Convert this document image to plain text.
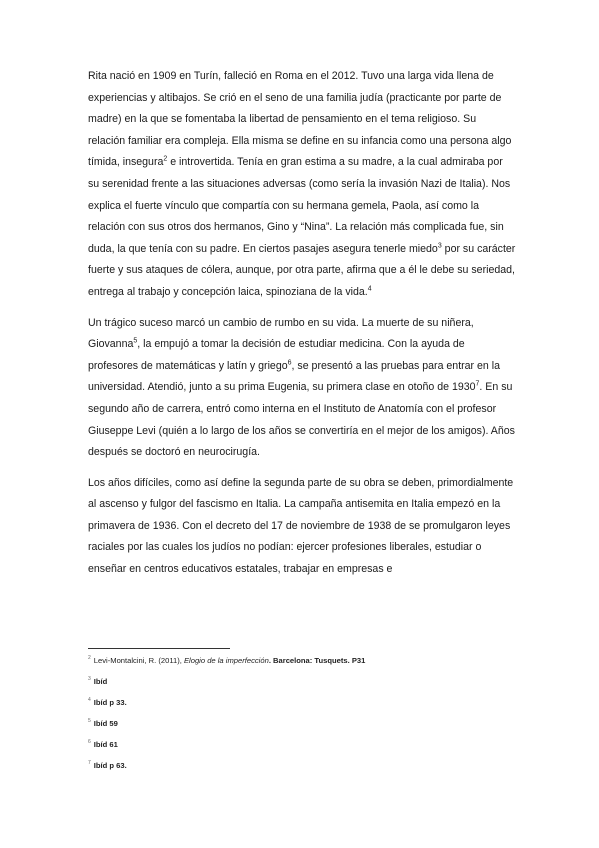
Rita nació en 1909 en Turín, falleció en Roma en el 2012. Tuvo una larga vida llena de experiencias y altibajos. Se crió en el seno de una familia judía (practicante por parte de madre) en la que se fomentaba la libertad de pensamiento en el tema religioso. Su relación familiar era compleja. Ella misma se define en su infancia como una persona algo tímida, insegura$^2$ e introvertida. Tenía en gran estima a su madre, a la cual admiraba por su serenidad frente a las situaciones adversas (como sería la invasión Nazi de Italia). Nos explica el fuerte vínculo que compartía con su hermana gemela, Paola, así como la relación con sus otros dos hermanos, Gino y “Nina”. La relación más complicada fue, sin duda, la que tenía con su padre. En ciertos pasajes asegura tenerle miedo$^3$ por su carácter fuerte y sus ataques de cólera, aunque, por otra parte, afirma que a él le debe su seriedad, entrega al trabajo y concepción laica, spinoziana de la vida.$^4$

Un trágico suceso marcó un cambio de rumbo en su vida. La muerte de su niñera, Giovanna$^5$, la empujó a tomar la decisión de estudiar medicina. Con la ayuda de profesores de matemáticas y latín y griego$^6$, se presentó a las pruebas para entrar en la universidad. Atendió, junto a su prima Eugenia, su primera clase en otoño de 1930$^7$. En su segundo año de carrera, entró como interna en el Instituto de Anatomía con el profesor Giuseppe Levi (quién a lo largo de los años se convertiría en el mejor de los amigos). Años después se doctoró en neurocirugía.

Los años difíciles, como así define la segunda parte de su obra se deben, primordialmente al ascenso y fulgor del fascismo en Italia. La campaña antisemita en Italia empezó en la primavera de 1936. Con el decreto del 17 de noviembre de 1938 de se promulgaron leyes raciales por las cuales los judíos no podían: ejercer profesiones liberales, estudiar o enseñar en centros educativos estatales, trabajar en empresas e

$^2$ Levi-Montalcini, R. (2011), Elogio de la imperfección. Barcelona: Tusquets. P31
$^3$ Ibíd
$^4$ Ibíd p 33.
$^5$ Ibíd 59
$^6$ Ibíd 61
$^7$ Ibíd p 63.
